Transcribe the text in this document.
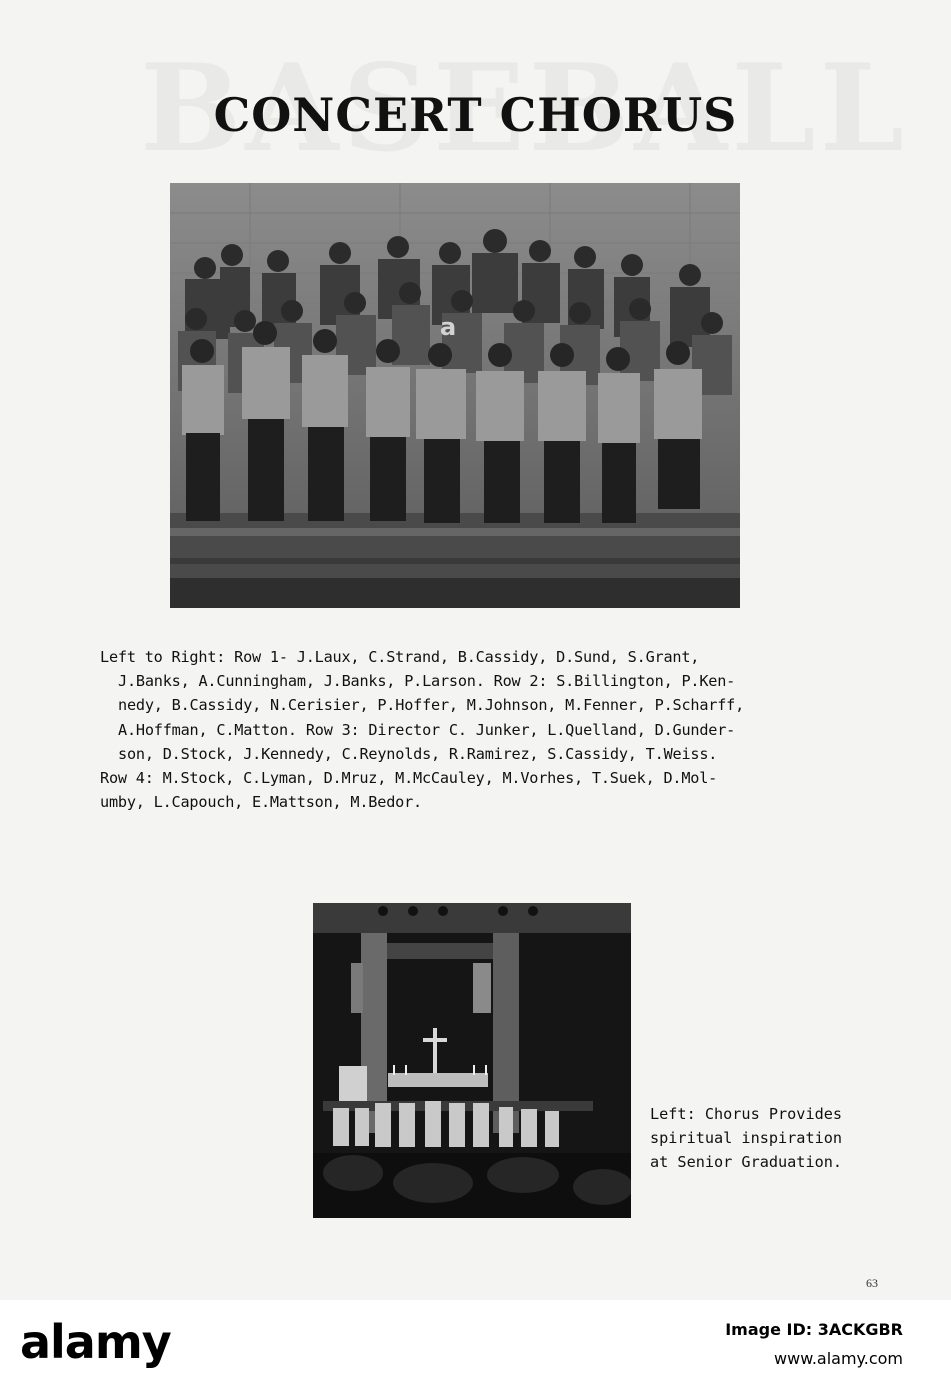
CONCERT CHORUS
a
Left to Right: Row 1- J.Laux, C.Strand, B.Cassidy, D.Sund, S.Grant,
J.Banks, A.Cunningham, J.Banks, P.Larson. Row 2: S.Billington, P.Ken-
nedy, B.Cassidy, N.Cerisier, P.Hoffer, M.Johnson, M.Fenner, P.Scharff,
A.Hoffman, C.Matton. Row 3: Director C. Junker, L.Quelland, D.Gunder-
son, D.Stock, J.Kennedy, C.Reynolds, R.Ramirez, S.Cassidy, T.Weiss.
Row 4: M.Stock, C.Lyman, D.Mruz, M.McCauley, M.Vorhes, T.Suek, D.Mol-
umby, L.Capouch, E.Mattson, M.Bedor.
Left: Chorus Provides
spiritual inspiration
at Senior Graduation.
63
alamy	Image ID: 3ACKGBR
www.alamy.com
